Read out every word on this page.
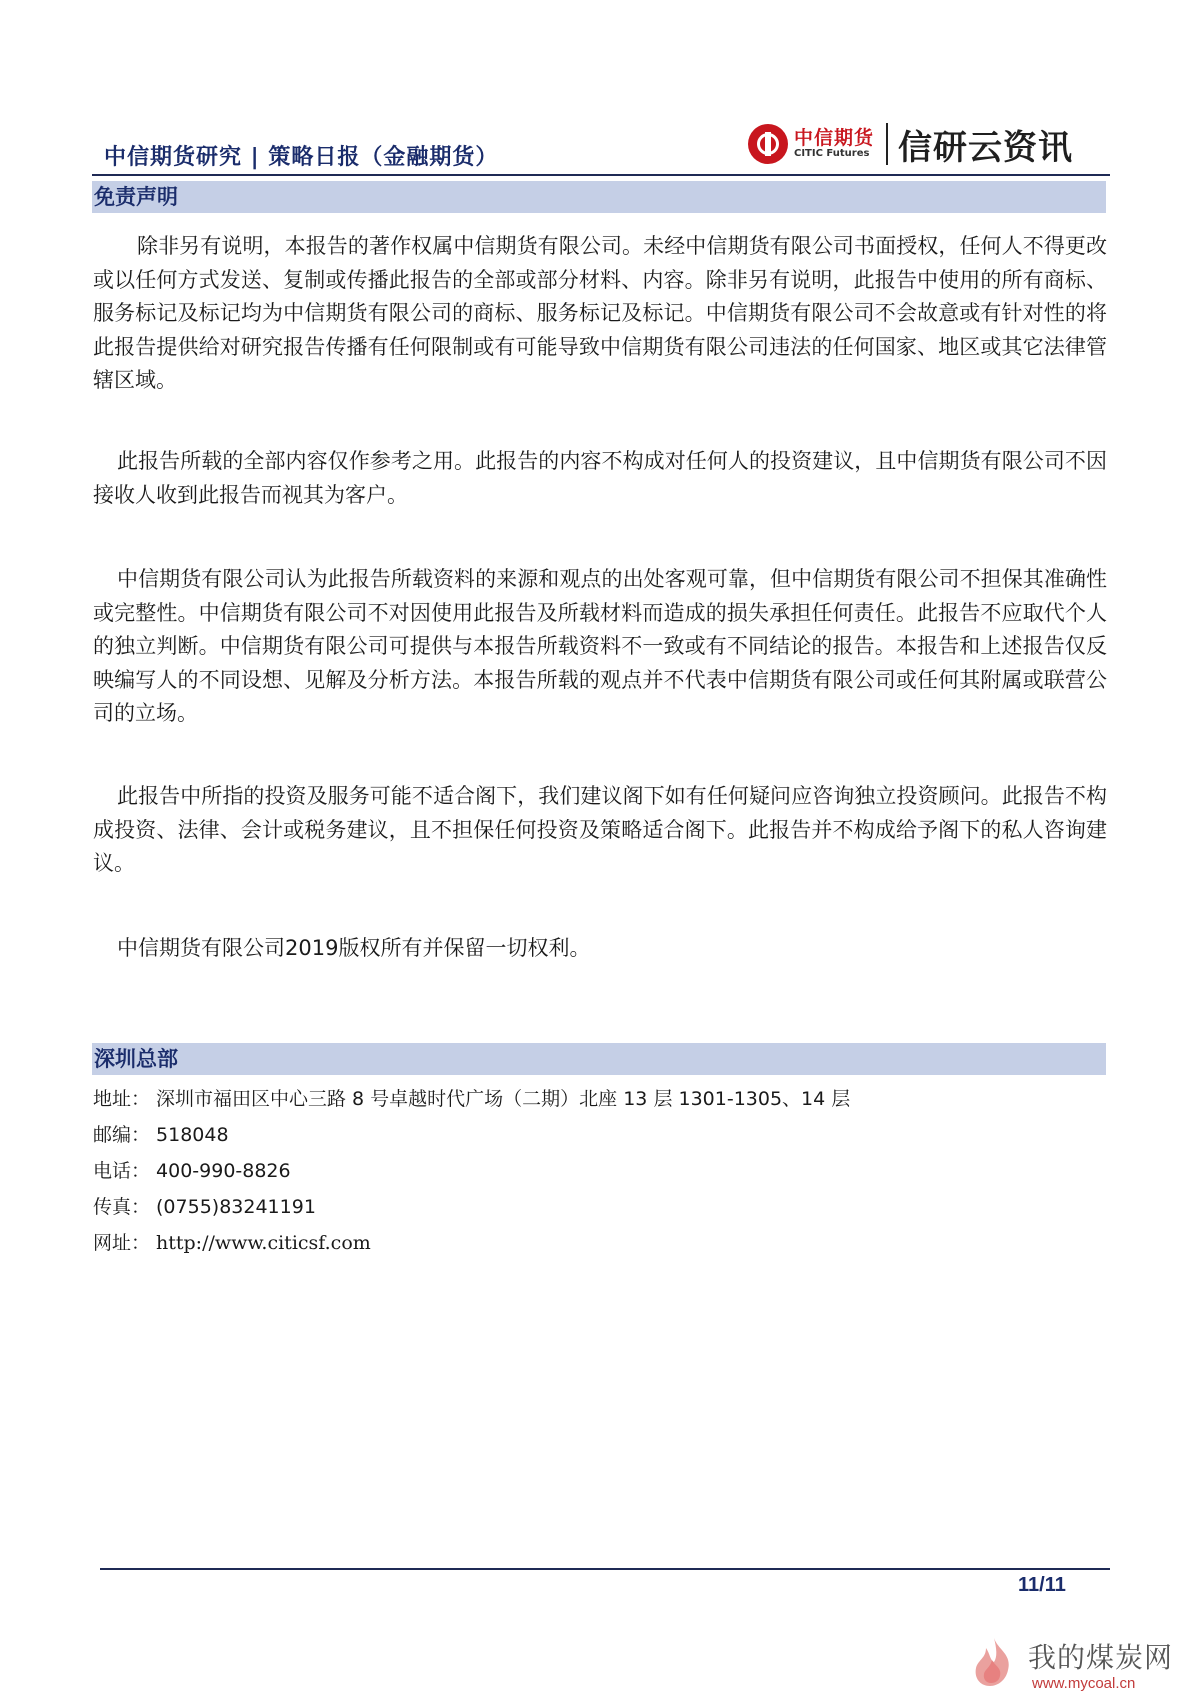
中信期货研究 | 策略日报（金融期货）
中信期货
CITIC Futures 信研云资讯
免责声明
除非另有说明，本报告的著作权属中信期货有限公司。未经中信期货有限公司书面授权，任何人不得更改或以任何方式发送、复制或传播此报告的全部或部分材料、内容。除非另有说明，此报告中使用的所有商标、服务标记及标记均为中信期货有限公司的商标、服务标记及标记。中信期货有限公司不会故意或有针对性的将此报告提供给对研究报告传播有任何限制或有可能导致中信期货有限公司违法的任何国家、地区或其它法律管辖区域。
此报告所载的全部内容仅作参考之用。此报告的内容不构成对任何人的投资建议，且中信期货有限公司不因接收人收到此报告而视其为客户。
中信期货有限公司认为此报告所载资料的来源和观点的出处客观可靠，但中信期货有限公司不担保其准确性或完整性。中信期货有限公司不对因使用此报告及所载材料而造成的损失承担任何责任。此报告不应取代个人的独立判断。中信期货有限公司可提供与本报告所载资料不一致或有不同结论的报告。本报告和上述报告仅反映编写人的不同设想、见解及分析方法。本报告所载的观点并不代表中信期货有限公司或任何其附属或联营公司的立场。
此报告中所指的投资及服务可能不适合阁下，我们建议阁下如有任何疑问应咨询独立投资顾问。此报告不构成投资、法律、会计或税务建议，且不担保任何投资及策略适合阁下。此报告并不构成给予阁下的私人咨询建议。
中信期货有限公司2019版权所有并保留一切权利。
深圳总部
地址： 深圳市福田区中心三路 8 号卓越时代广场（二期）北座 13 层 1301-1305、14 层
邮编： 518048
电话： 400-990-8826
传真： (0755)83241191
网址： http://www.citicsf.com
11/11
我的煤炭网
www.mycoal.cn
